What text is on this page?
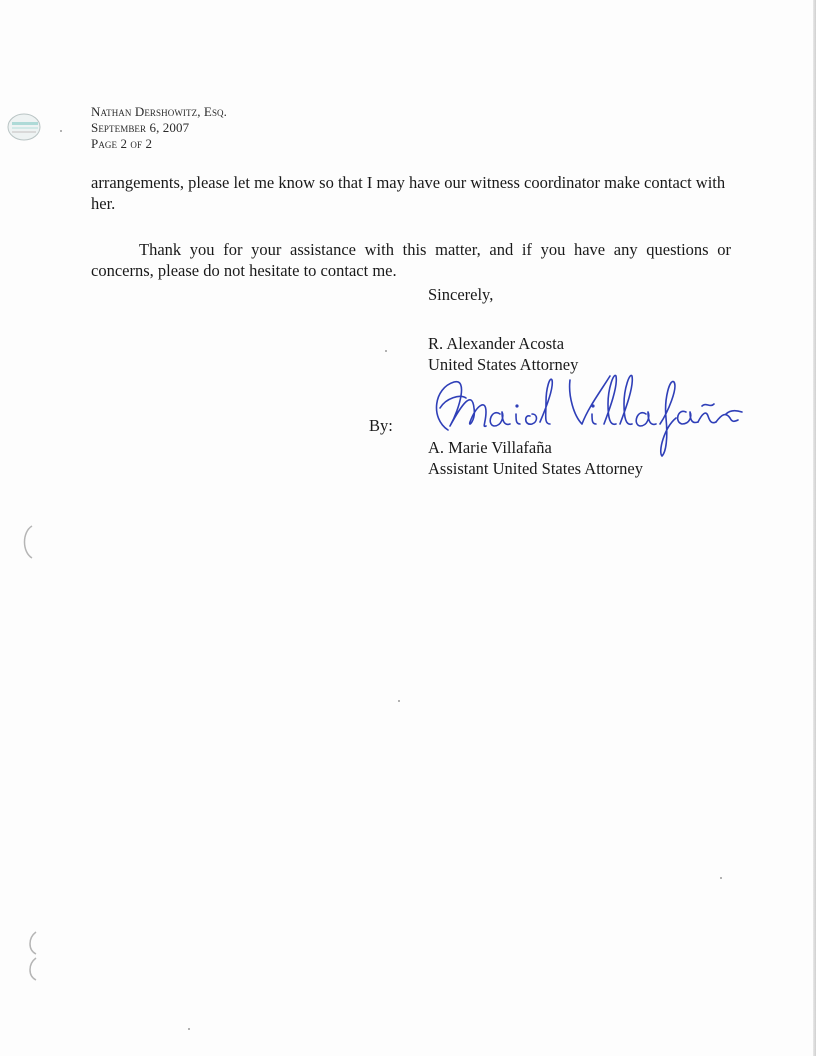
Nathan Dershowitz, Esq.
September 6, 2007
Page 2 of 2
arrangements, please let me know so that I may have our witness coordinator make contact with her.
Thank you for your assistance with this matter, and if you have any questions or concerns, please do not hesitate to contact me.
Sincerely,
R. Alexander Acosta
United States Attorney
By:
A. Marie Villafaña
Assistant United States Attorney
